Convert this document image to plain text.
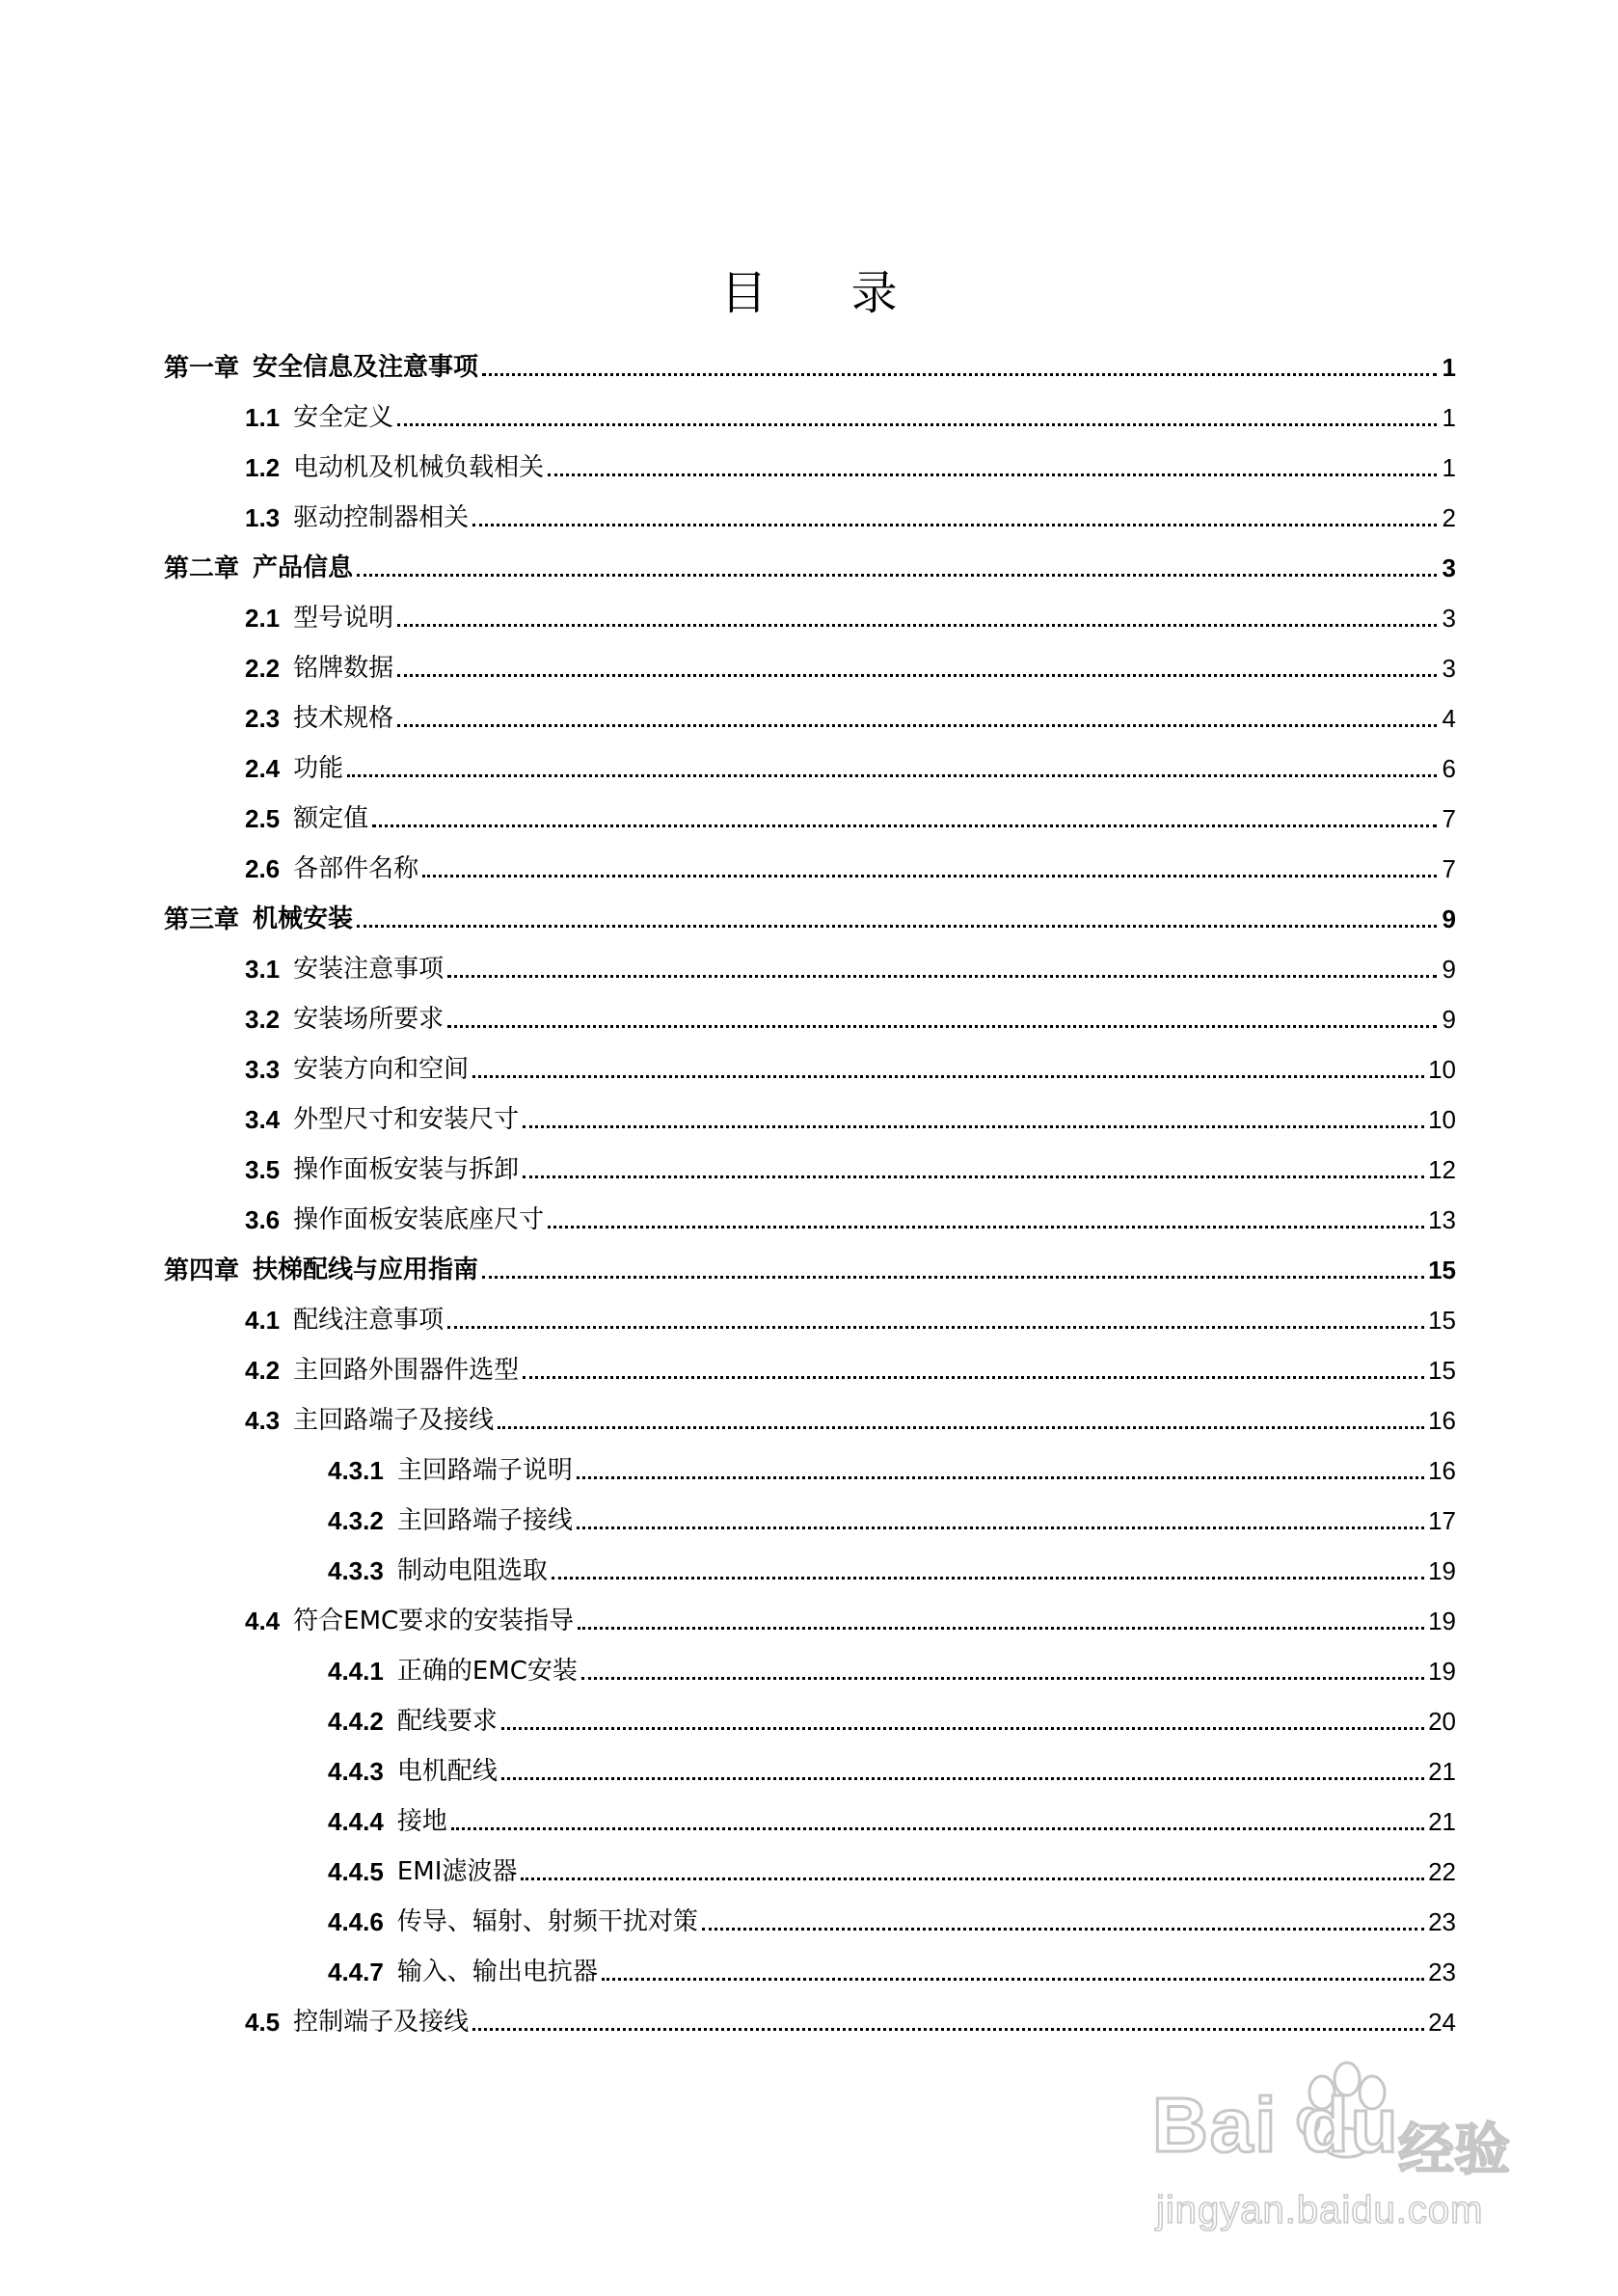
目 录
第一章 安全信息及注意事项	1
1.1 安全定义	1
1.2 电动机及机械负载相关	1
1.3 驱动控制器相关	2
第二章 产品信息	3
2.1 型号说明	3
2.2 铭牌数据	3
2.3 技术规格	4
2.4 功能	6
2.5 额定值	7
2.6 各部件名称	7
第三章 机械安装	9
3.1 安装注意事项	9
3.2 安装场所要求	9
3.3 安装方向和空间	10
3.4 外型尺寸和安装尺寸	10
3.5 操作面板安装与拆卸	12
3.6 操作面板安装底座尺寸	13
第四章 扶梯配线与应用指南	15
4.1 配线注意事项	15
4.2 主回路外围器件选型	15
4.3 主回路端子及接线	16
4.3.1 主回路端子说明	16
4.3.2 主回路端子接线	17
4.3.3 制动电阻选取	19
4.4 符合EMC要求的安装指导	19
4.4.1 正确的EMC安装	19
4.4.2 配线要求	20
4.4.3 电机配线	21
4.4.4 接地	21
4.4.5 EMI滤波器	22
4.4.6 传导、辐射、射频干扰对策	23
4.4.7 输入、输出电抗器	23
4.5 控制端子及接线	24
Bai du
经验
jingyan.baidu.com
